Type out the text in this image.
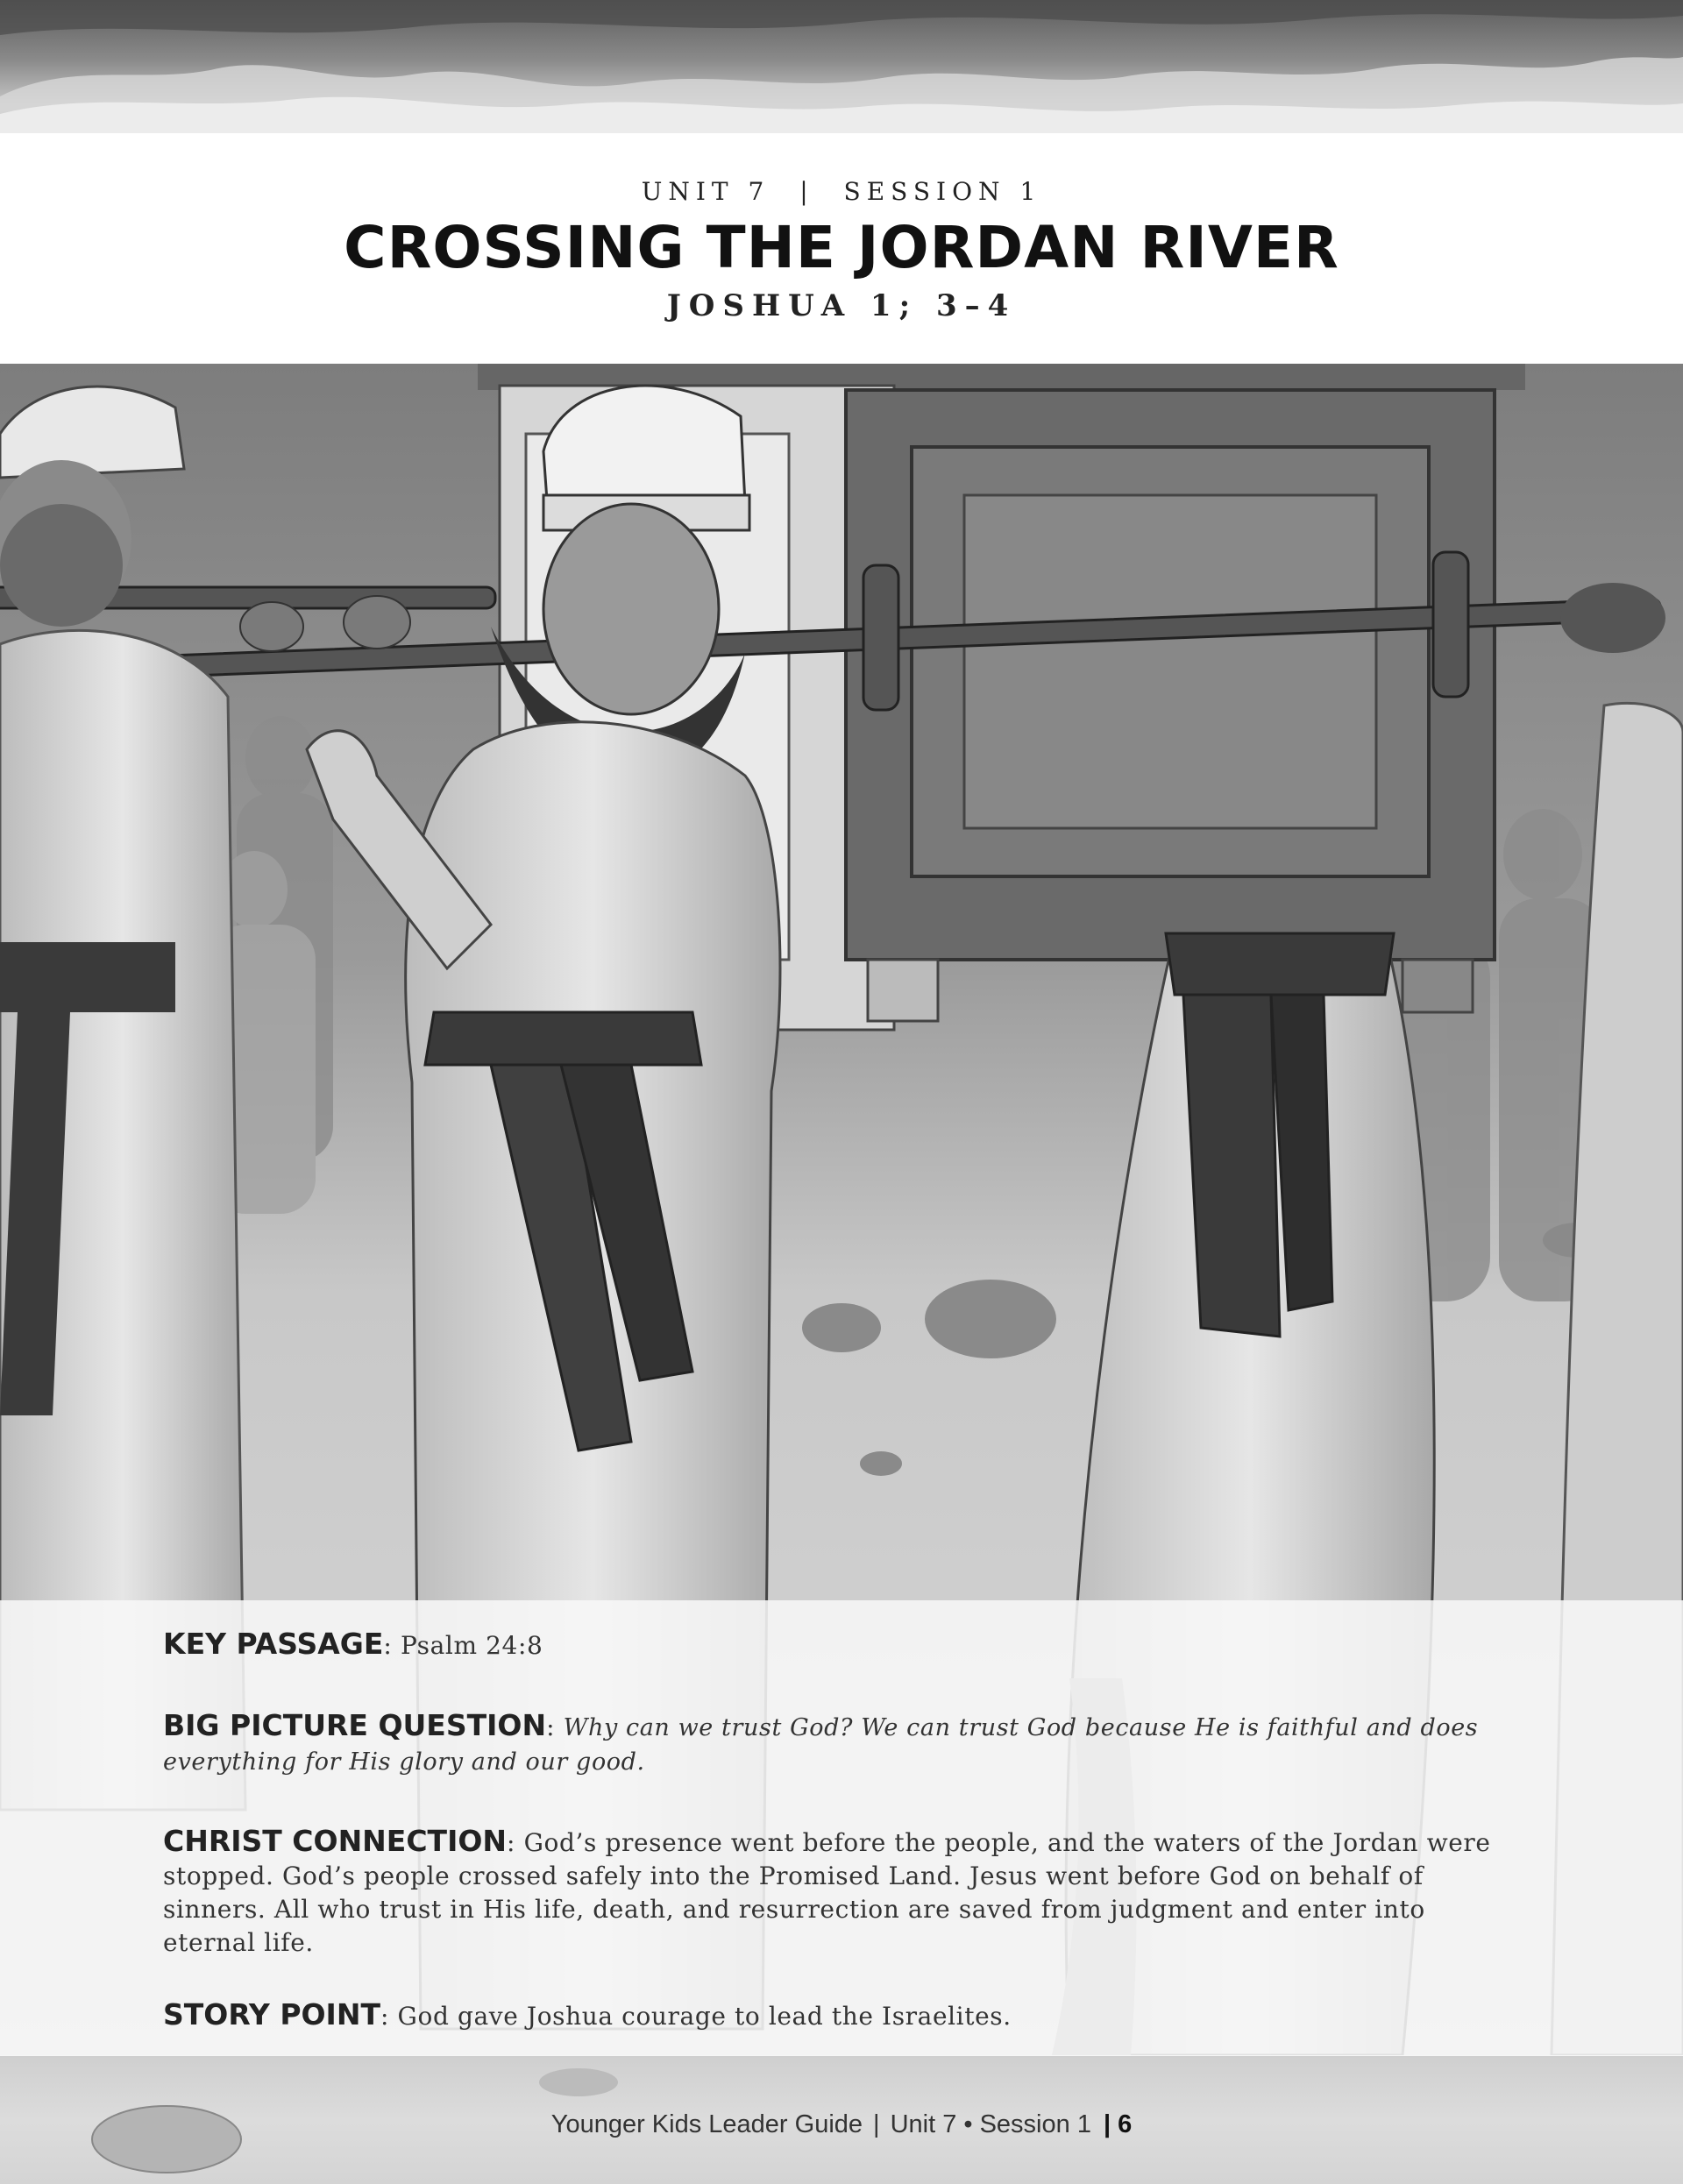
UNIT 7 | SESSION 1
CROSSING THE JORDAN RIVER
JOSHUA 1; 3–4
KEY PASSAGE: Psalm 24:8
BIG PICTURE QUESTION: Why can we trust God? We can trust God because He is faithful and does everything for His glory and our good.
CHRIST CONNECTION: God’s presence went before the people, and the waters of the Jordan were stopped. God’s people crossed safely into the Promised Land. Jesus went before God on behalf of sinners. All who trust in His life, death, and resurrection are saved from judgment and enter into eternal life.
STORY POINT: God gave Joshua courage to lead the Israelites.
Younger Kids Leader Guide | Unit 7 • Session 1 | 6
